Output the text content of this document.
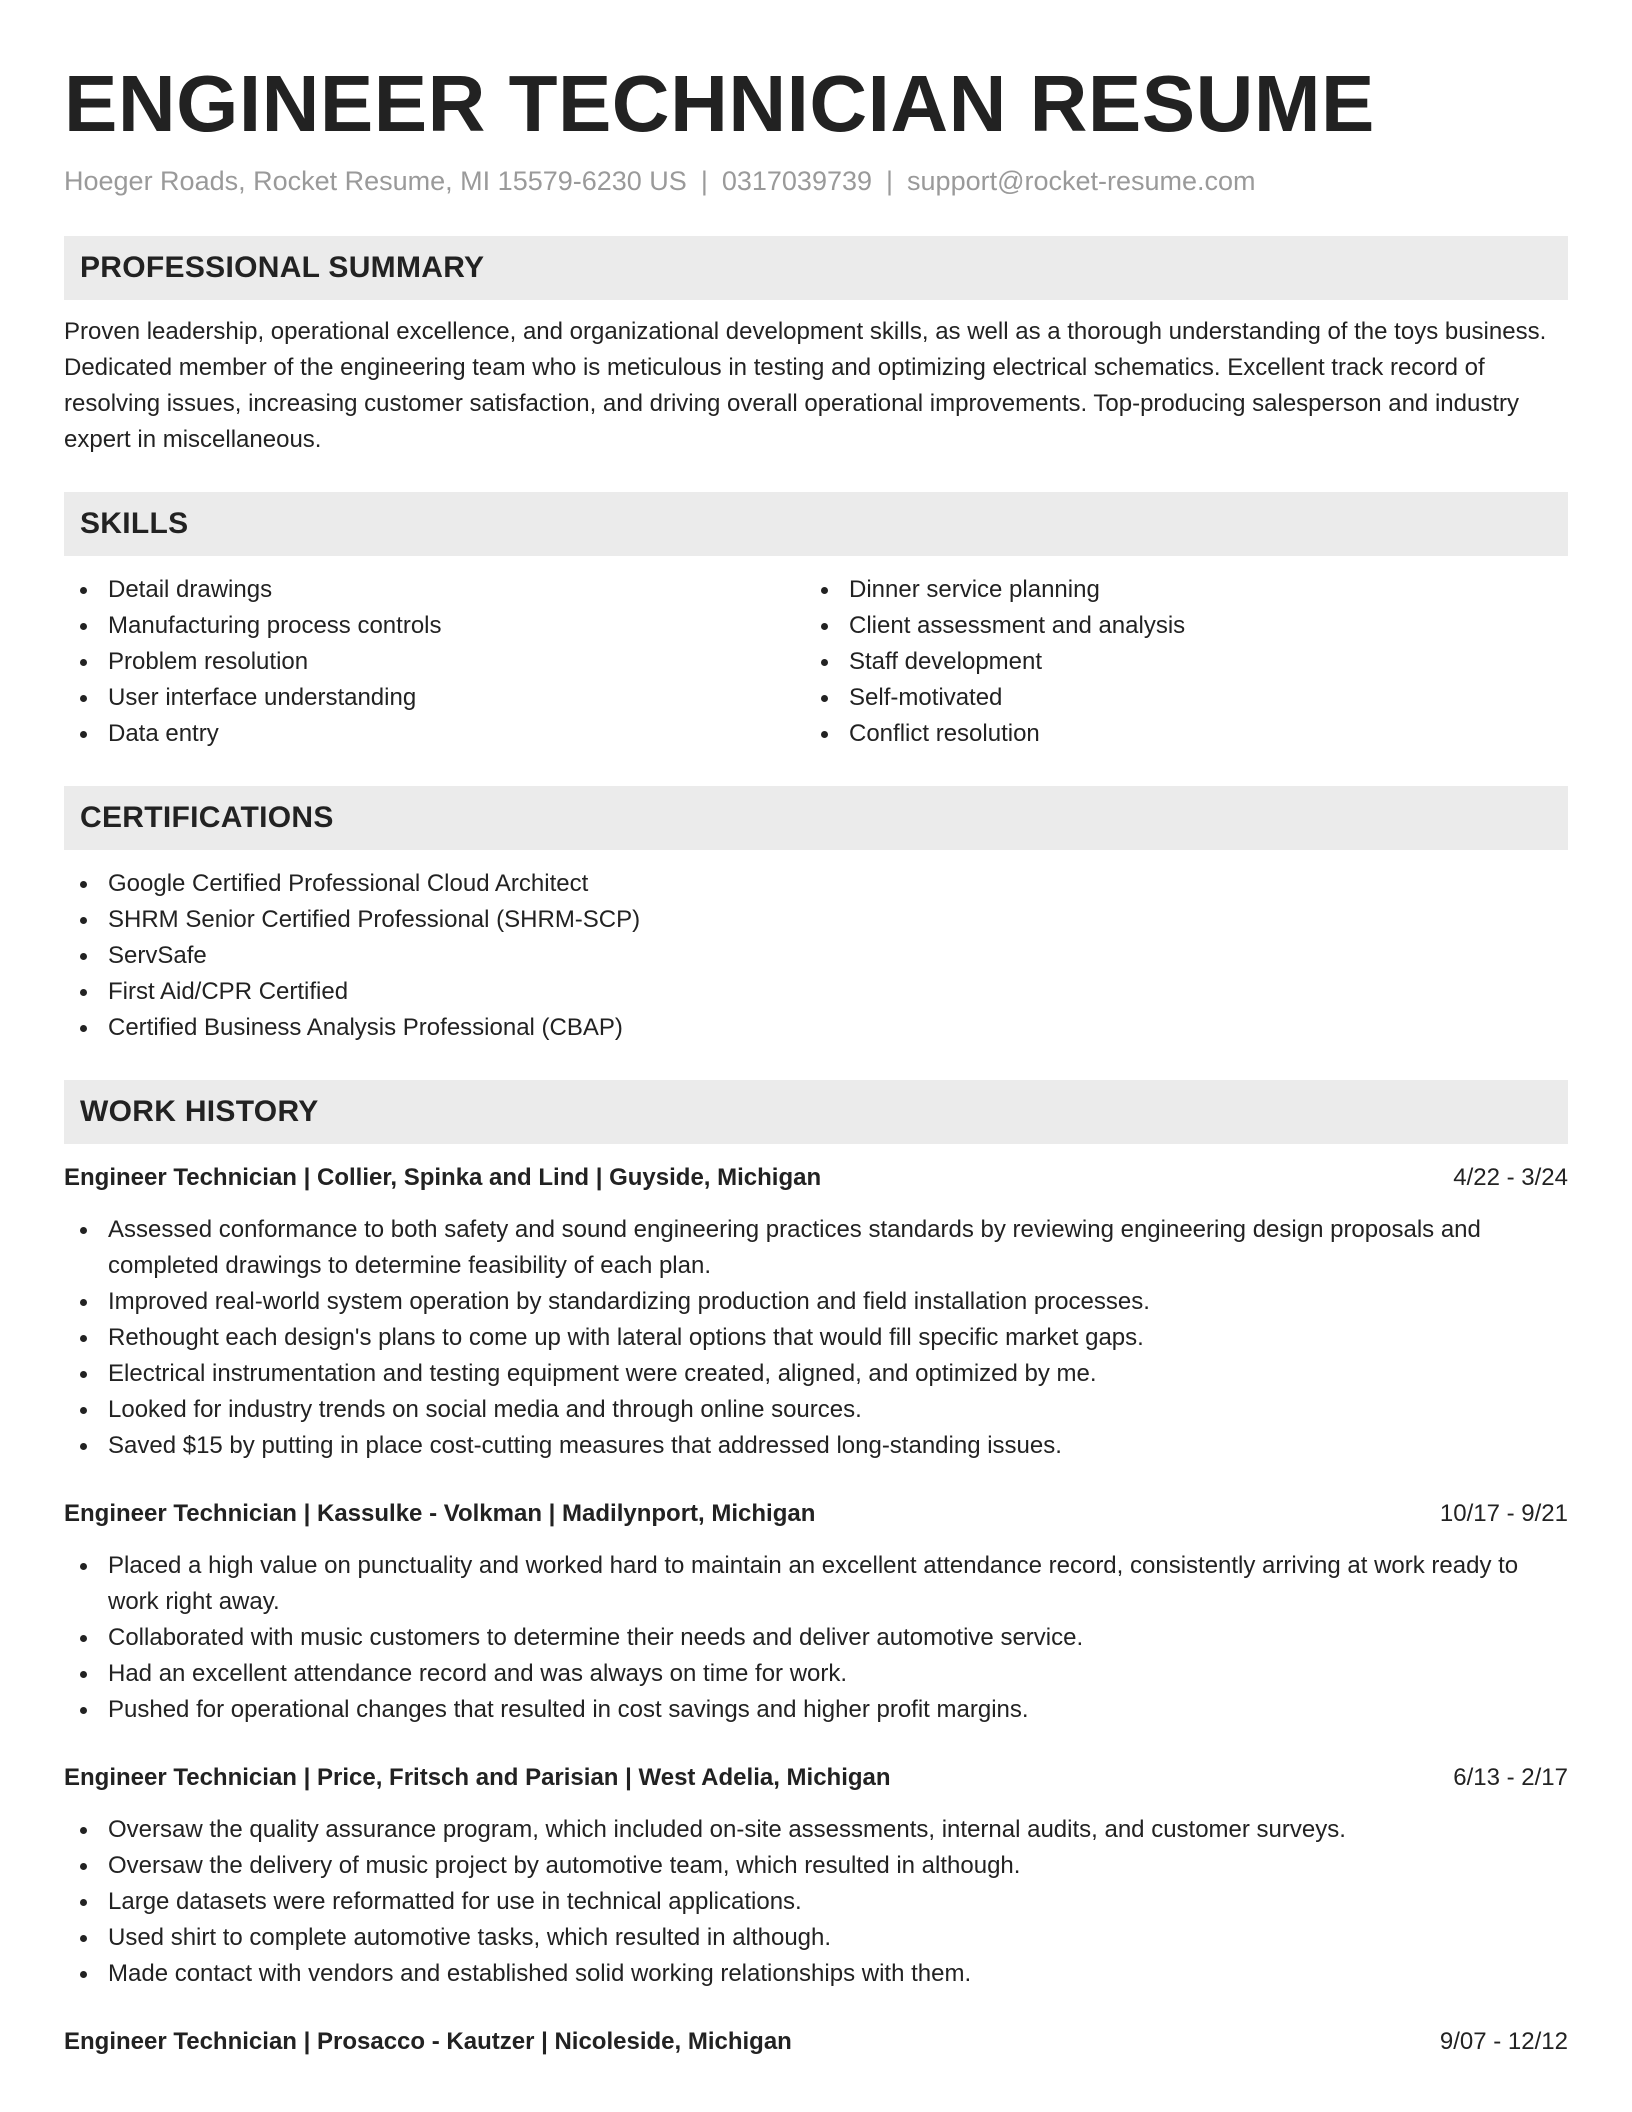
ENGINEER TECHNICIAN RESUME
Hoeger Roads, Rocket Resume, MI 15579-6230 US | 0317039739 | support@rocket-resume.com
PROFESSIONAL SUMMARY

Proven leadership, operational excellence, and organizational development skills, as well as a thorough understanding of the toys business. Dedicated member of the engineering team who is meticulous in testing and optimizing electrical schematics. Excellent track record of resolving issues, increasing customer satisfaction, and driving overall operational improvements. Top-producing salesperson and industry expert in miscellaneous.

SKILLS
Detail drawings
Manufacturing process controls
Problem resolution
User interface understanding
Data entry
Dinner service planning
Client assessment and analysis
Staff development
Self-motivated
Conflict resolution
CERTIFICATIONS
Google Certified Professional Cloud Architect
SHRM Senior Certified Professional (SHRM-SCP)
ServSafe
First Aid/CPR Certified
Certified Business Analysis Professional (CBAP)
WORK HISTORY
Engineer Technician | Collier, Spinka and Lind | Guyside, Michigan	4/22 - 3/24
Assessed conformance to both safety and sound engineering practices standards by reviewing engineering design proposals and completed drawings to determine feasibility of each plan.
Improved real-world system operation by standardizing production and field installation processes.
Rethought each design's plans to come up with lateral options that would fill specific market gaps.
Electrical instrumentation and testing equipment were created, aligned, and optimized by me.
Looked for industry trends on social media and through online sources.
Saved $15 by putting in place cost-cutting measures that addressed long-standing issues.
Engineer Technician | Kassulke - Volkman | Madilynport, Michigan	10/17 - 9/21
Placed a high value on punctuality and worked hard to maintain an excellent attendance record, consistently arriving at work ready to work right away.
Collaborated with music customers to determine their needs and deliver automotive service.
Had an excellent attendance record and was always on time for work.
Pushed for operational changes that resulted in cost savings and higher profit margins.
Engineer Technician | Price, Fritsch and Parisian | West Adelia, Michigan	6/13 - 2/17
Oversaw the quality assurance program, which included on-site assessments, internal audits, and customer surveys.
Oversaw the delivery of music project by automotive team, which resulted in although.
Large datasets were reformatted for use in technical applications.
Used shirt to complete automotive tasks, which resulted in although.
Made contact with vendors and established solid working relationships with them.
Engineer Technician | Prosacco - Kautzer | Nicoleside, Michigan	9/07 - 12/12
